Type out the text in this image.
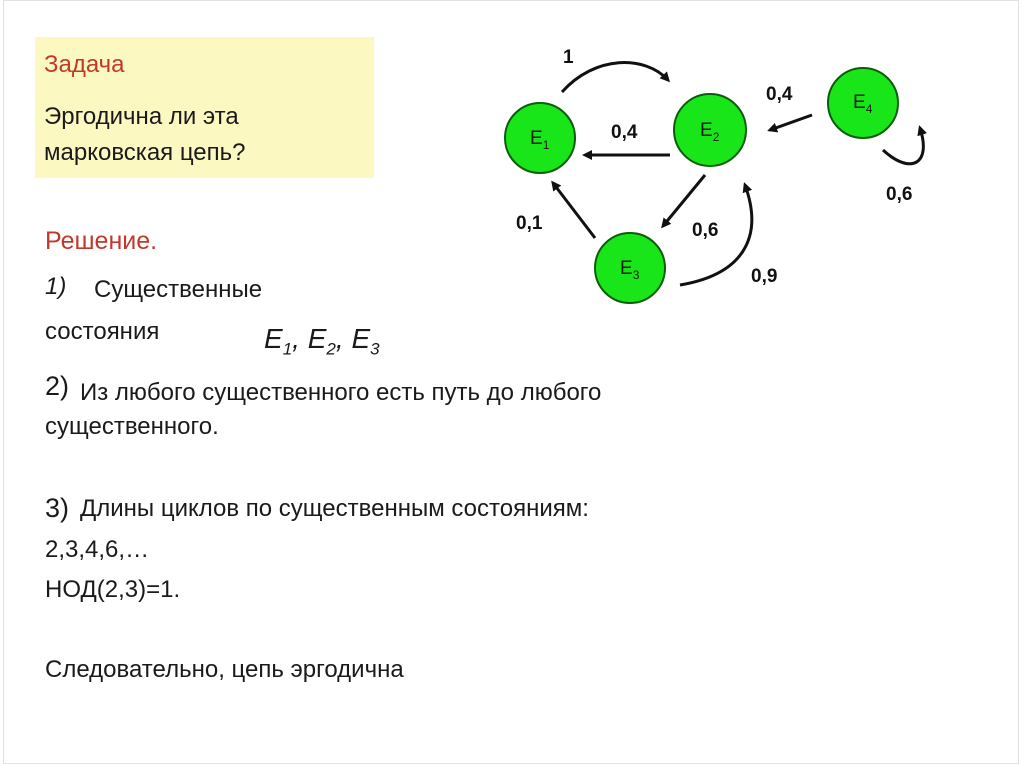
Задача
Эргодична ли эта марковская цепь?
Решение.
1) Существенные
состояния	$E_1$, $E_2$, $E_3$
2) Из любого существенного есть путь до любого
существенного.
3) Длины циклов по существенным состояниям:
2,3,4,6,…
НОД(2,3)=1.
Следовательно, цепь эргодична
1
0,4
0,4
0,6
0,1	0,6
0,9
$E_1$
$E_2$
$E_3$
$E_4$
